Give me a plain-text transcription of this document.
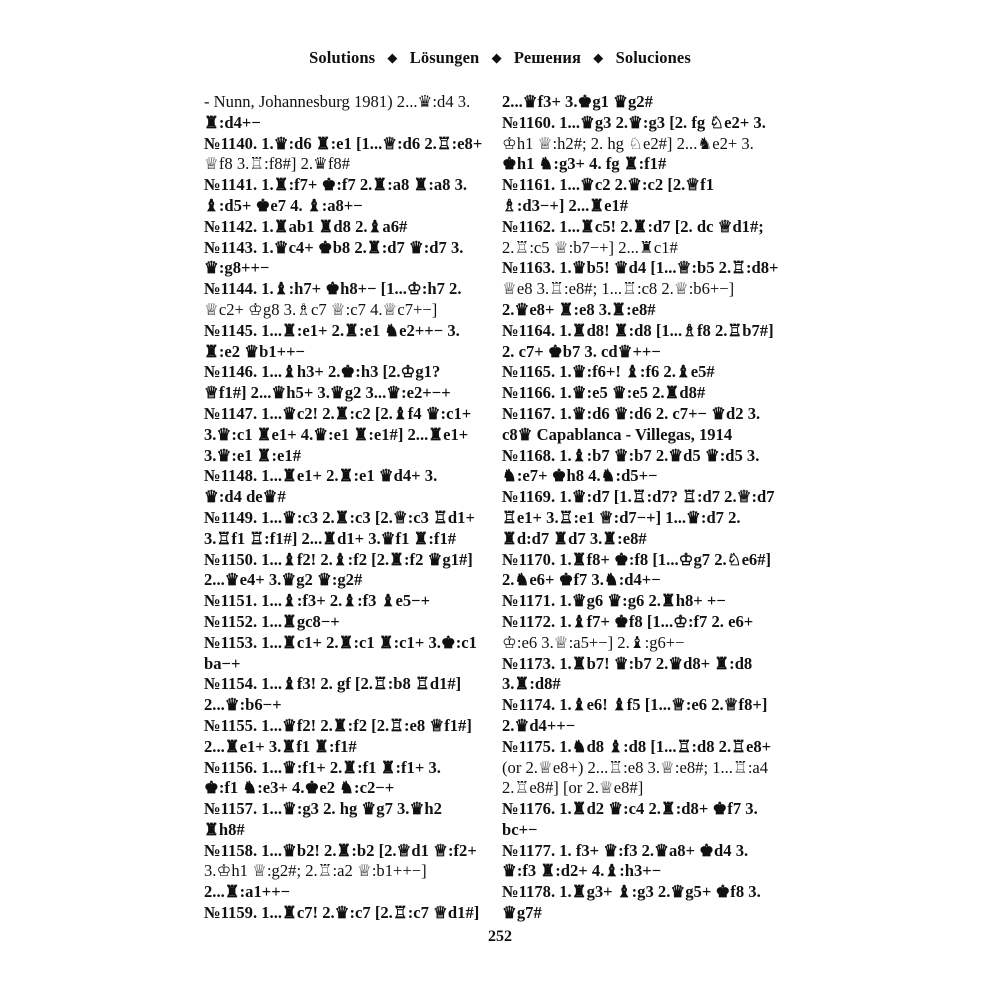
Solutions ◆ Lösungen ◆ Решения ◆ Soluciones
- Nunn, Johannesburg 1981) 2...♛:d4 3.
♜:d4+−
№1140. 1.♛:d6 ♜:e1 [1...♕:d6 2.♖:e8+
♕f8 3.♖:f8#] 2.♛f8#
№1141. 1.♜:f7+ ♚:f7 2.♜:a8 ♜:a8 3.
♝:d5+ ♚e7 4. ♝:a8+−
№1142. 1.♜ab1 ♜d8 2.♝a6#
№1143. 1.♛c4+ ♚b8 2.♜:d7 ♛:d7 3.
♛:g8++−
№1144. 1.♝:h7+ ♚h8+− [1...♔:h7 2.
♕c2+ ♔g8 3.♗c7 ♕:c7 4.♕c7+−]
№1145. 1...♜:e1+ 2.♜:e1 ♞e2++− 3.
♜:e2 ♛b1++−
№1146. 1...♝h3+ 2.♚:h3 [2.♔g1?
♕f1#] 2...♛h5+ 3.♛g2 3...♛:e2+−+
№1147. 1...♛c2! 2.♜:c2 [2.♝f4 ♛:c1+
3.♛:c1 ♜e1+ 4.♛:e1 ♜:e1#] 2...♜e1+
3.♛:e1 ♜:e1#
№1148. 1...♜e1+ 2.♜:e1 ♛d4+ 3.
♛:d4 de♛#
№1149. 1...♛:c3 2.♜:c3 [2.♕:c3 ♖d1+
3.♖f1 ♖:f1#] 2...♜d1+ 3.♛f1 ♜:f1#
№1150. 1...♝f2! 2.♝:f2 [2.♜:f2 ♛g1#]
2...♛e4+ 3.♛g2 ♛:g2#
№1151. 1...♝:f3+ 2.♝:f3 ♝e5−+
№1152. 1...♜gc8−+
№1153. 1...♜c1+ 2.♜:c1 ♜:c1+ 3.♚:c1
ba−+
№1154. 1...♝f3! 2. gf [2.♖:b8 ♖d1#]
2...♛:b6−+
№1155. 1...♛f2! 2.♜:f2 [2.♖:e8 ♕f1#]
2...♜e1+ 3.♜f1 ♜:f1#
№1156. 1...♛:f1+ 2.♜:f1 ♜:f1+ 3.
♚:f1 ♞:e3+ 4.♚e2 ♞:c2−+
№1157. 1...♛:g3 2. hg ♛g7 3.♛h2
♜h8#
№1158. 1...♛b2! 2.♜:b2 [2.♕d1 ♕:f2+
3.♔h1 ♕:g2#; 2.♖:a2 ♕:b1++−]
2...♜:a1++−
№1159. 1...♜c7! 2.♛:c7 [2.♖:c7 ♕d1#]
2...♛f3+ 3.♚g1 ♛g2#
№1160. 1...♛g3 2.♛:g3 [2. fg ♘e2+ 3.
♔h1 ♕:h2#; 2. hg ♘e2#] 2...♞e2+ 3.
♚h1 ♞:g3+ 4. fg ♜:f1#
№1161. 1...♛c2 2.♛:c2 [2.♕f1
♗:d3−+] 2...♜e1#
№1162. 1...♜c5! 2.♜:d7 [2. dc ♕d1#;
2.♖:c5 ♕:b7−+] 2...♜c1#
№1163. 1.♛b5! ♛d4 [1...♕:b5 2.♖:d8+
♕e8 3.♖:e8#; 1...♖:c8 2.♕:b6+−]
2.♛e8+ ♜:e8 3.♜:e8#
№1164. 1.♜d8! ♜:d8 [1...♗f8 2.♖b7#]
2. c7+ ♚b7 3. cd♛++−
№1165. 1.♛:f6+! ♝:f6 2.♝e5#
№1166. 1.♛:e5 ♛:e5 2.♜d8#
№1167. 1.♛:d6 ♛:d6 2. c7+− ♛d2 3.
c8♛ Capablanca - Villegas, 1914
№1168. 1.♝:b7 ♛:b7 2.♛d5 ♛:d5 3.
♞:e7+ ♚h8 4.♞:d5+−
№1169. 1.♛:d7 [1.♖:d7? ♖:d7 2.♕:d7
♖e1+ 3.♖:e1 ♕:d7−+] 1...♛:d7 2.
♜d:d7 ♜d7 3.♜:e8#
№1170. 1.♜f8+ ♚:f8 [1...♔g7 2.♘e6#]
2.♞e6+ ♚f7 3.♞:d4+−
№1171. 1.♛g6 ♛:g6 2.♜h8+ +−
№1172. 1.♝f7+ ♚f8 [1...♔:f7 2. e6+
♔:e6 3.♕:a5+−] 2.♝:g6+−
№1173. 1.♜b7! ♛:b7 2.♛d8+ ♜:d8
3.♜:d8#
№1174. 1.♝e6! ♝f5 [1...♕:e6 2.♕f8+]
2.♛d4++−
№1175. 1.♞d8 ♝:d8 [1...♖:d8 2.♖e8+
(or 2.♕e8+) 2...♖:e8 3.♕:e8#; 1...♖:a4
2.♖e8#] [or 2.♕e8#]
№1176. 1.♜d2 ♛:c4 2.♜:d8+ ♚f7 3.
bc+−
№1177. 1. f3+ ♛:f3 2.♛a8+ ♚d4 3.
♛:f3 ♜:d2+ 4.♝:h3+−
№1178. 1.♜g3+ ♝:g3 2.♛g5+ ♚f8 3.
♛g7#
252
